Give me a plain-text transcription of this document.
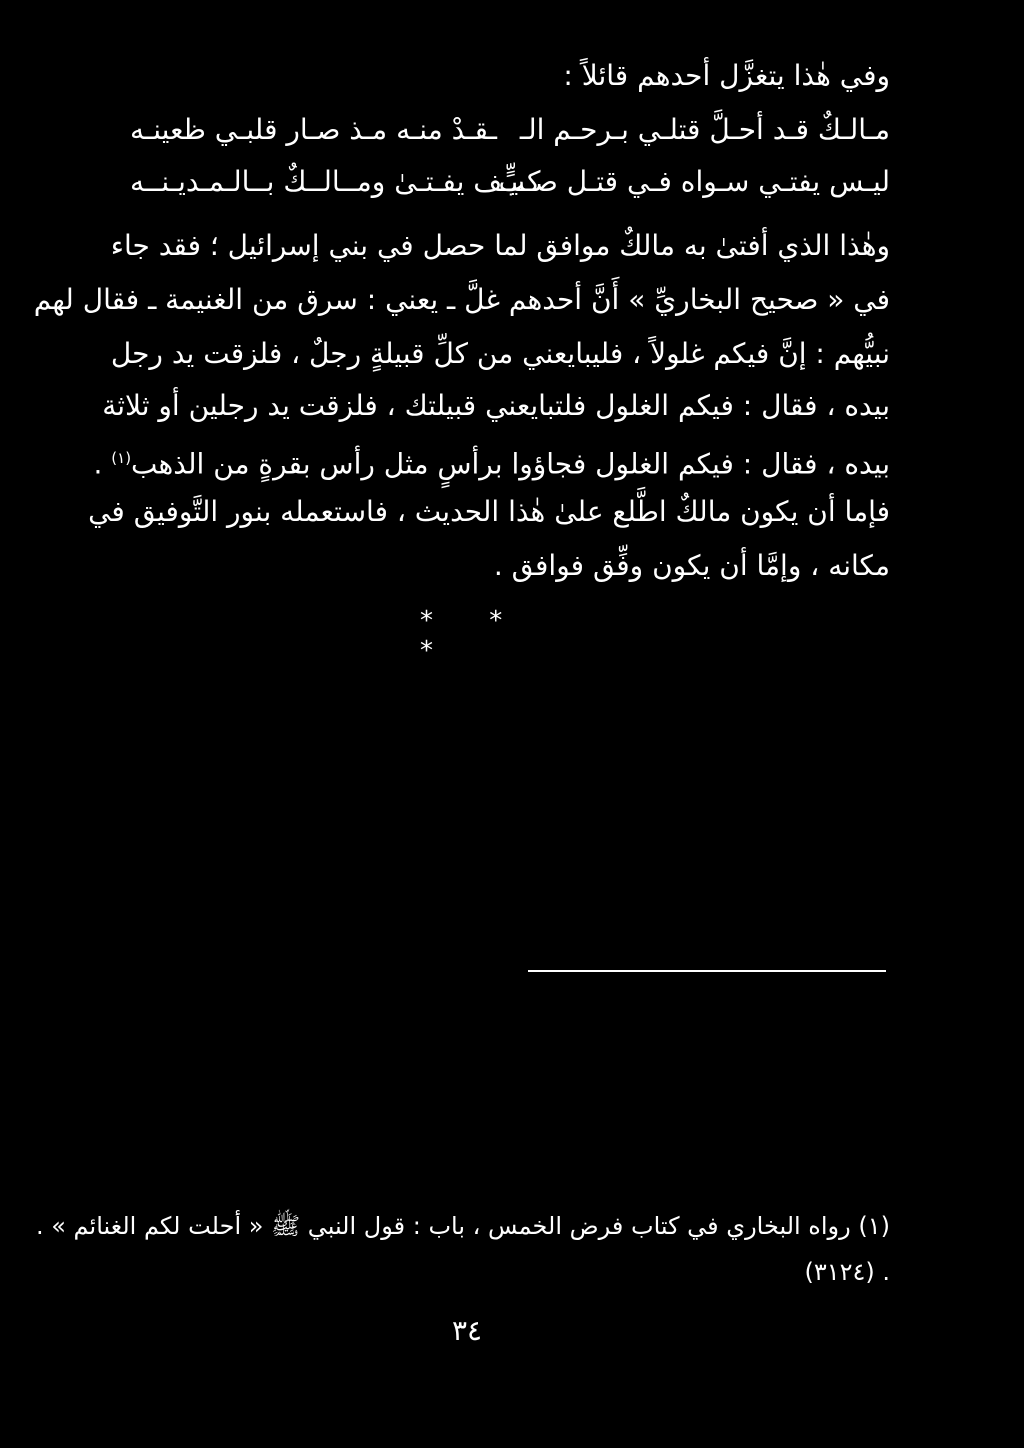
وفي هٰذا يتغزَّل أحدهم قائلاً :
مـالـكٌ قـد أحـلَّ قتلـي بـرحـم الـ
ـقـدْ منـه مـذ صـار قلبـي ظعينـه
ليـس يفتـي سـواه فـي قتـل صـبٍّ
كـيـف يفـتـىٰ ومــالــكٌ بــالـمـديـنــه
وهٰذا الذي أفتىٰ به مالكٌ موافق لما حصل في بني إسرائيل ؛ فقد جاء
في « صحيح البخاريِّ » أَنَّ أحدهم غلَّ ـ يعني : سرق من الغنيمة ـ فقال لهم
نبيُّهم : إنَّ فيكم غلولاً ، فليبايعني من كلِّ قبيلةٍ رجلٌ ، فلزقت يد رجل
بيده ، فقال : فيكم الغلول فلتبايعني قبيلتك ، فلزقت يد رجلين أو ثلاثة
بيده ، فقال : فيكم الغلول فجاؤوا برأسٍ مثل رأس بقرةٍ من الذهب$^{(١)}$ .
فإما أن يكون مالكٌ اطَّلع علىٰ هٰذا الحديث ، فاستعمله بنور التَّوفيق في
مكانه ، وإمَّا أن يكون وفِّق فوافق .
* * *
(١) رواه البخاري في كتاب فرض الخمس ، باب : قول النبي ﷺ « أحلت لكم الغنائم » .
(٣١٢٤) .
٣٤
